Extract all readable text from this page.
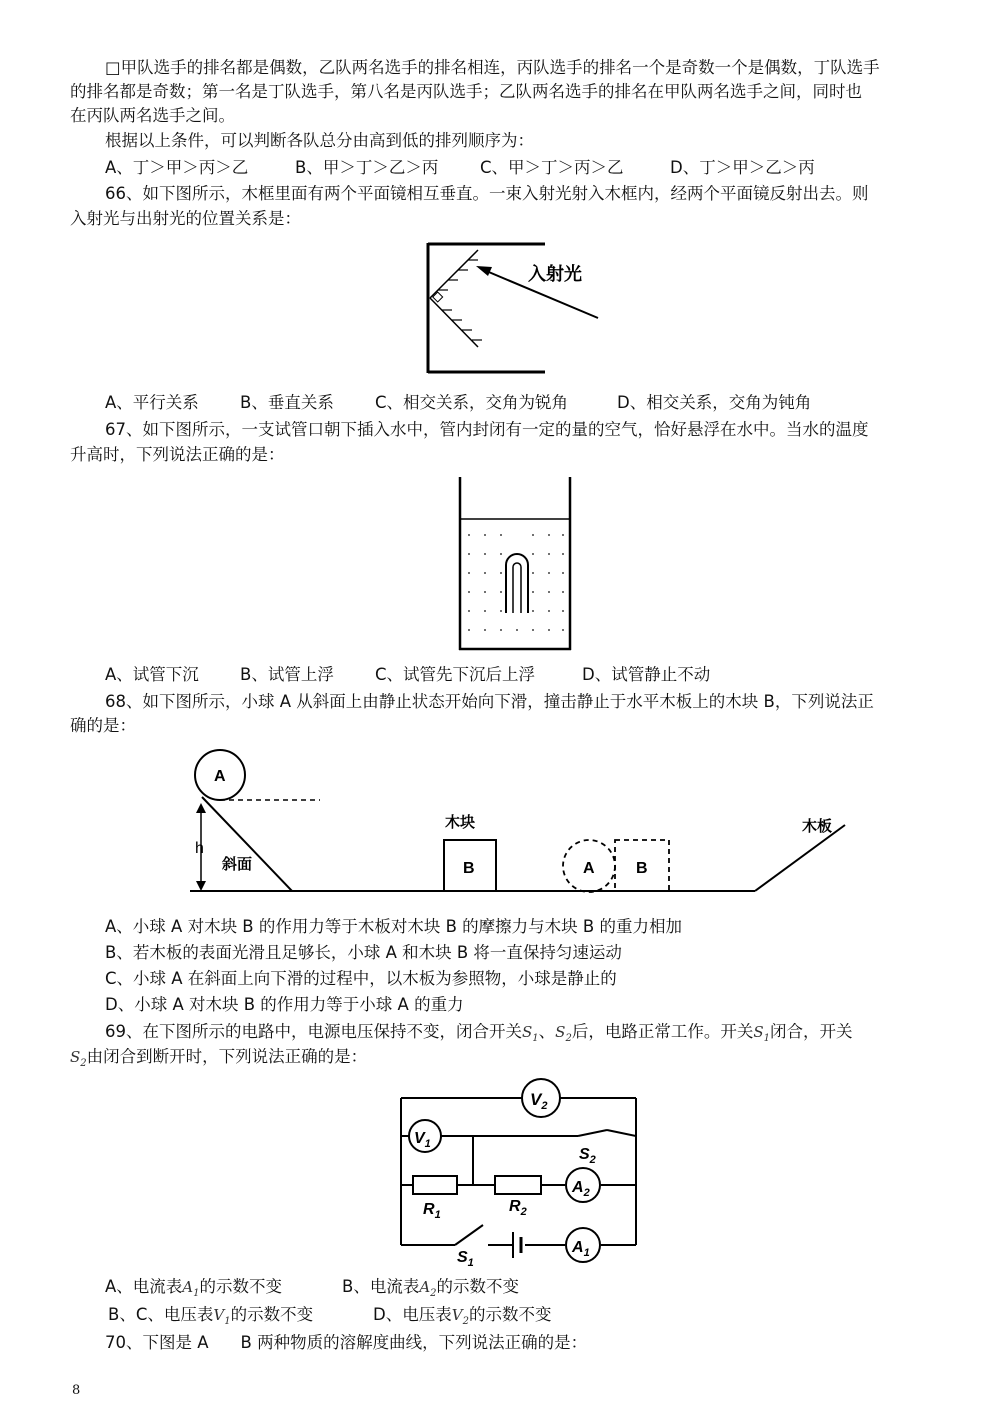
□甲队选手的排名都是偶数，乙队两名选手的排名相连，丙队选手的排名一个是奇数一个是偶数，丁队选手
的排名都是奇数；第一名是丁队选手，第八名是丙队选手；乙队两名选手的排名在甲队两名选手之间，同时也
在丙队两名选手之间。
根据以上条件，可以判断各队总分由高到低的排列顺序为：
A、丁＞甲＞丙＞乙	B、甲＞丁＞乙＞丙	C、甲＞丁＞丙＞乙	D、丁＞甲＞乙＞丙
66、如下图所示，木框里面有两个平面镜相互垂直。一束入射光射入木框内，经两个平面镜反射出去。则
入射光与出射光的位置关系是：
入射光
A、平行关系 B、垂直关系 C、相交关系，交角为锐角	D、相交关系，交角为钝角
67、如下图所示，一支试管口朝下插入水中，管内封闭有一定的量的空气，恰好悬浮在水中。当水的温度
升高时，下列说法正确的是：
A、试管下沉 B、试管上浮 C、试管先下沉后上浮	D、试管静止不动
68、如下图所示，小球 A 从斜面上由静止状态开始向下滑，撞击静止于水平木板上的木块 B，下列说法正
确的是：
A
h
斜面
木块
B	A	B
木板
A、小球 A 对木块 B 的作用力等于木板对木块 B 的摩擦力与木块 B 的重力相加
B、若木板的表面光滑且足够长，小球 A 和木块 B 将一直保持匀速运动
C、小球 A 在斜面上向下滑的过程中，以木板为参照物，小球是静止的
D、小球 A 对木块 B 的作用力等于小球 A 的重力
69、在下图所示的电路中，电源电压保持不变，闭合开关$S_1$、$S_2$后，电路正常工作。开关$S_1$闭合，开关
$S_2$由闭合到断开时，下列说法正确的是：
$V_2$
$V_1$
$S_2$
$A_2$
$R_1$	$R_2$
$S_1$
$A_1$
A、电流表$A_1$的示数不变	B、电流表$A_2$的示数不变
B、C、电压表$V_1$的示数不变	D、电压表$V_2$的示数不变
70、下图是 A B 两种物质的溶解度曲线，下列说法正确的是：
8
